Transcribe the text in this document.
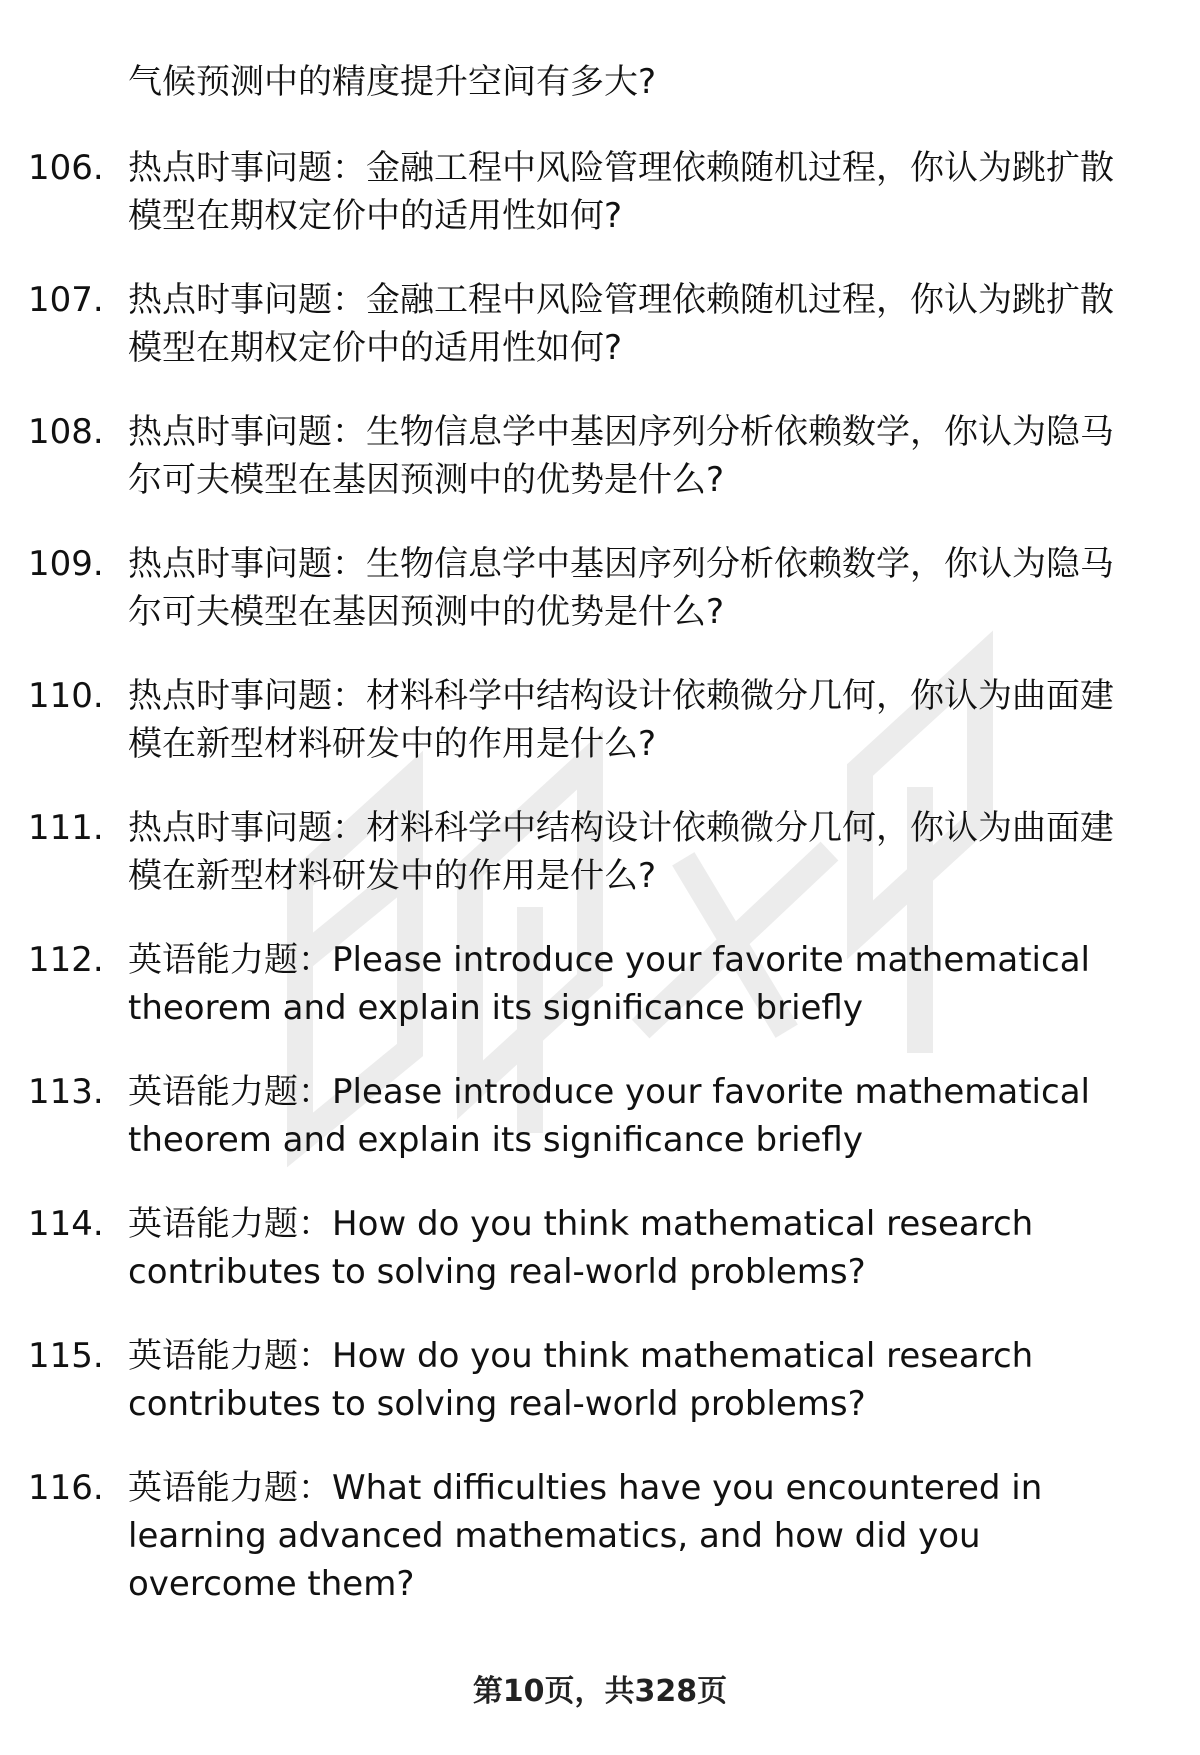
气候预测中的精度提升空间有多大?
106. 热点时事问题：金融工程中风险管理依赖随机过程，你认为跳扩散模型在期权定价中的适用性如何?
107. 热点时事问题：金融工程中风险管理依赖随机过程，你认为跳扩散模型在期权定价中的适用性如何?
108. 热点时事问题：生物信息学中基因序列分析依赖数学，你认为隐马尔可夫模型在基因预测中的优势是什么?
109. 热点时事问题：生物信息学中基因序列分析依赖数学，你认为隐马尔可夫模型在基因预测中的优势是什么?
110. 热点时事问题：材料科学中结构设计依赖微分几何，你认为曲面建模在新型材料研发中的作用是什么?
111. 热点时事问题：材料科学中结构设计依赖微分几何，你认为曲面建模在新型材料研发中的作用是什么?
112. 英语能力题：Please introduce your favorite mathematical theorem and explain its significance briefly
113. 英语能力题：Please introduce your favorite mathematical theorem and explain its significance briefly
114. 英语能力题：How do you think mathematical research contributes to solving real-world problems?
115. 英语能力题：How do you think mathematical research contributes to solving real-world problems?
116. 英语能力题：What difficulties have you encountered in learning advanced mathematics, and how did you overcome them?
第10页，共328页
